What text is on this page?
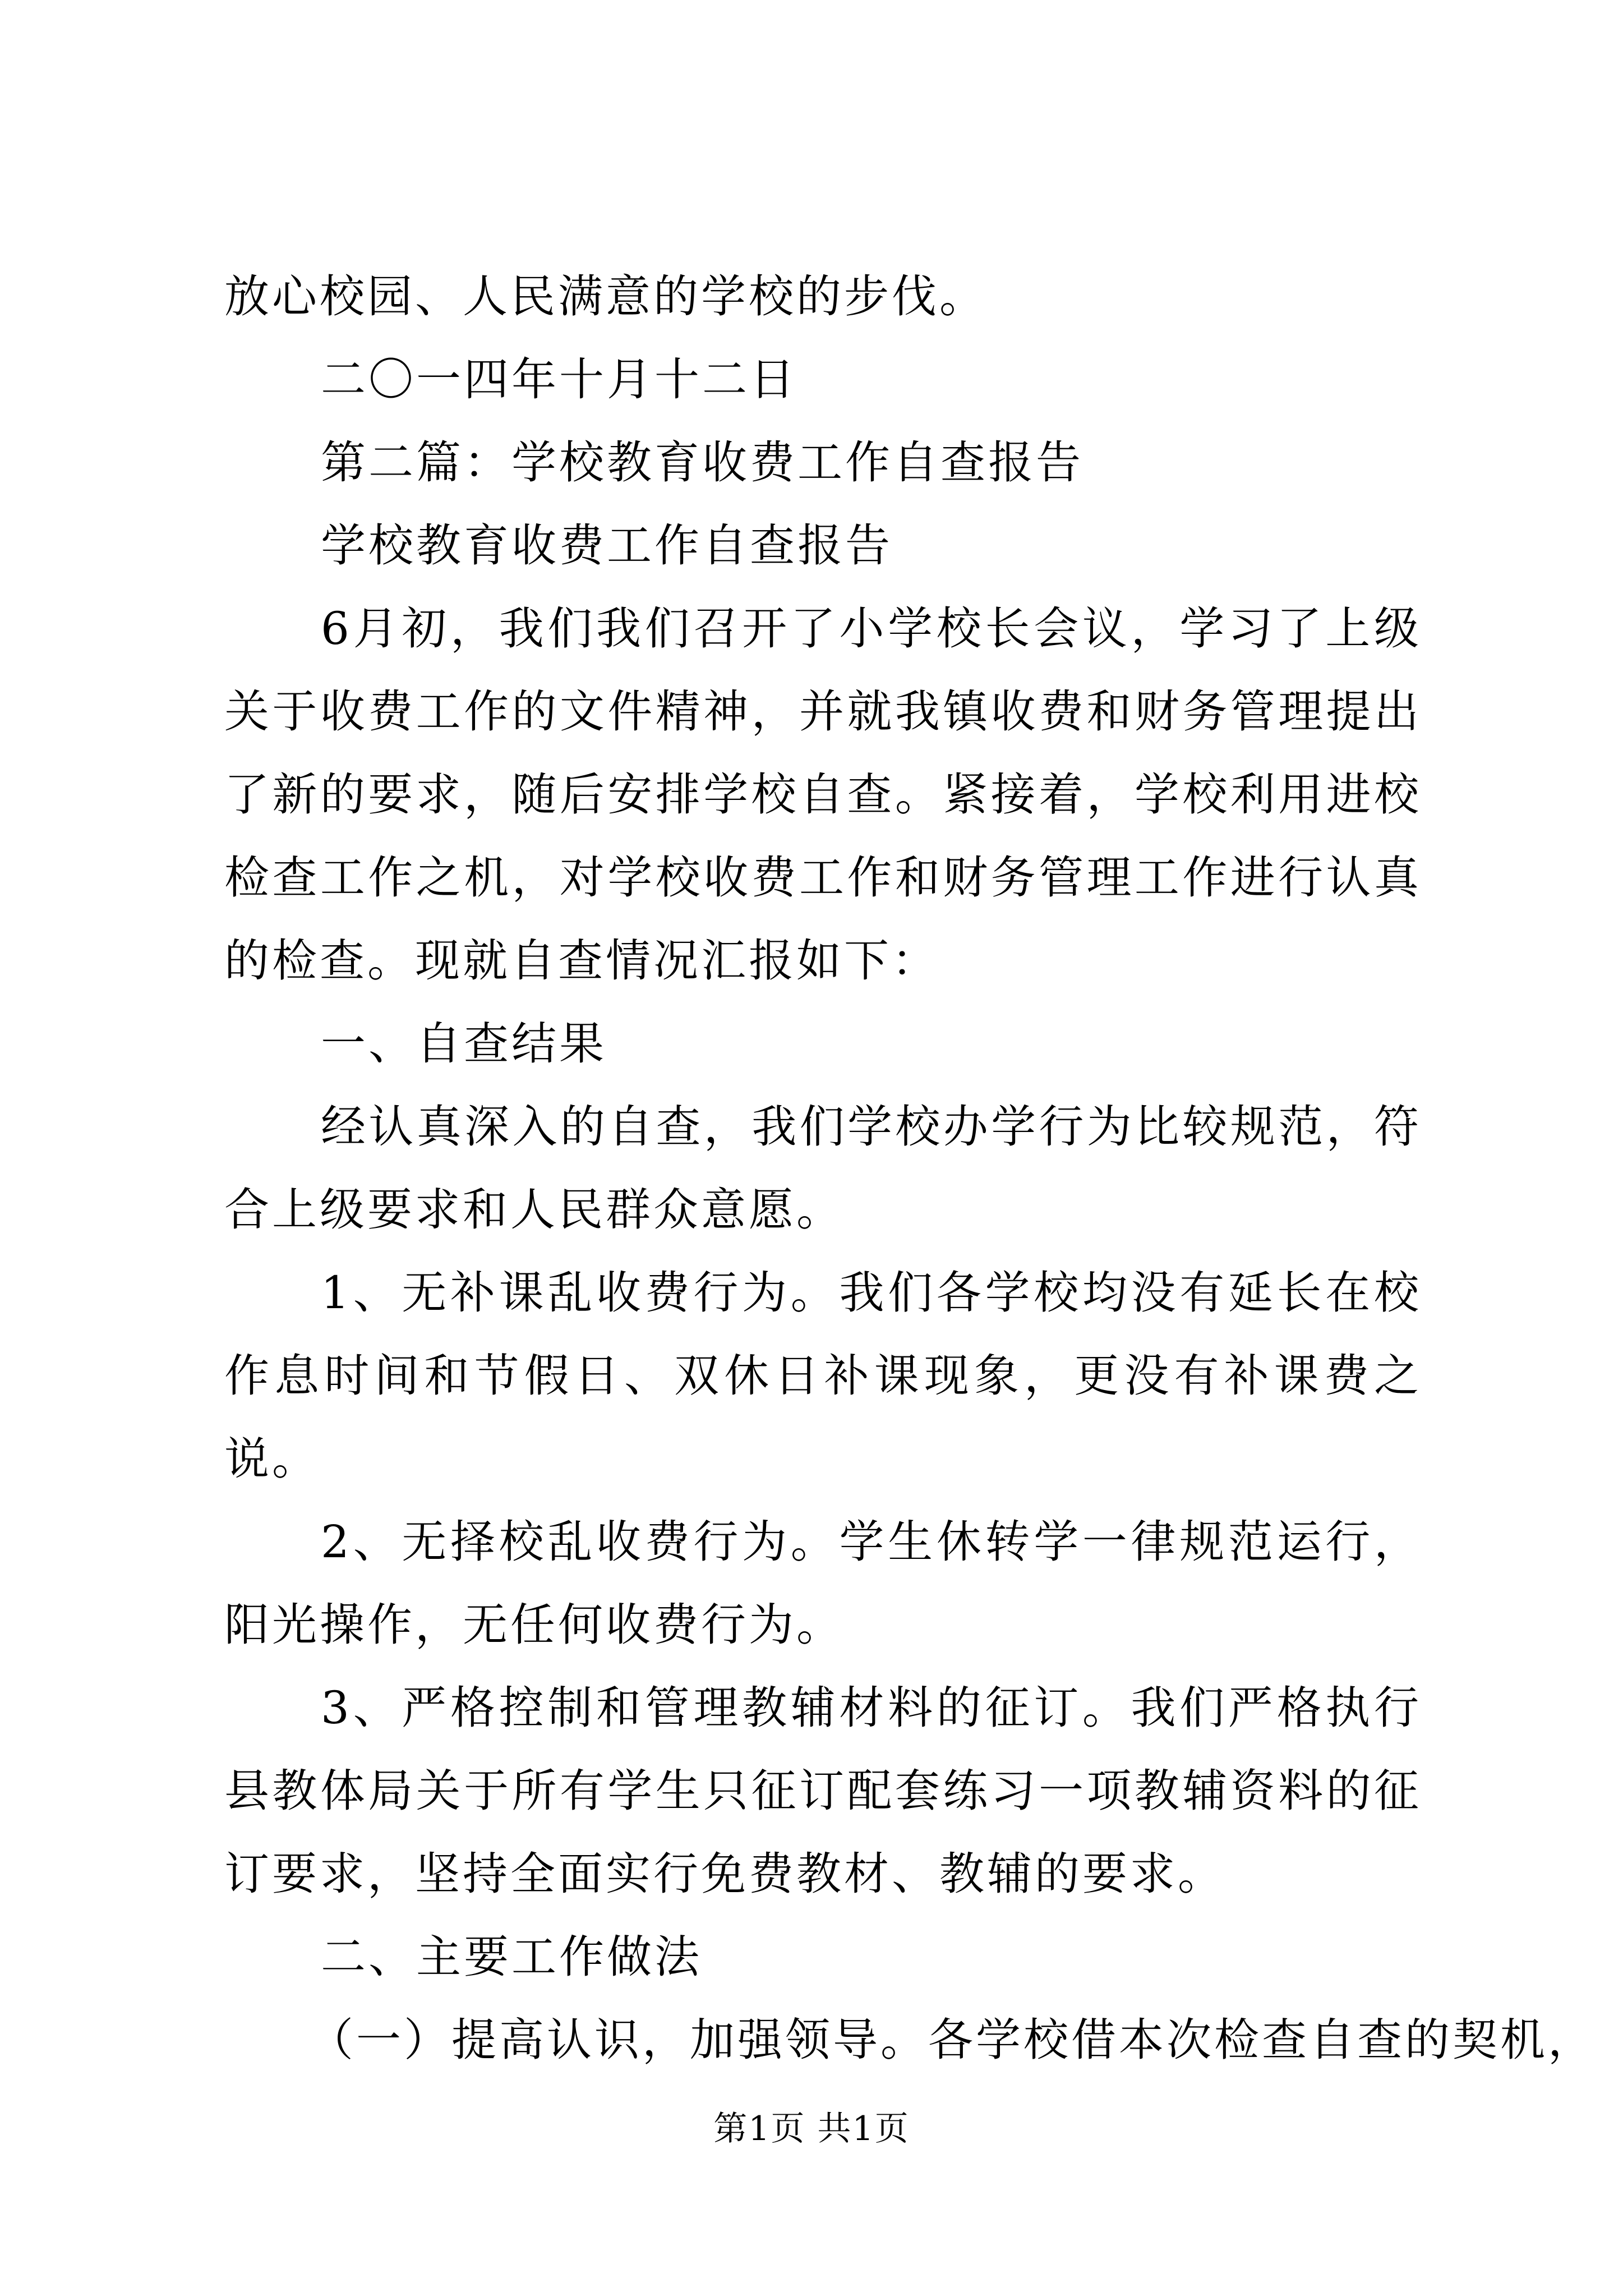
放心校园、人民满意的学校的步伐。

二〇一四年十月十二日

第二篇：学校教育收费工作自查报告

学校教育收费工作自查报告

6月初，我们我们召开了小学校长会议，学习了上级关于收费工作的文件精神，并就我镇收费和财务管理提出了新的要求，随后安排学校自查。紧接着，学校利用进校检查工作之机，对学校收费工作和财务管理工作进行认真的检查。现就自查情况汇报如下：

一、自查结果

经认真深入的自查，我们学校办学行为比较规范，符合上级要求和人民群众意愿。

1、无补课乱收费行为。我们各学校均没有延长在校作息时间和节假日、双休日补课现象，更没有补课费之说。

2、无择校乱收费行为。学生休转学一律规范运行，阳光操作，无任何收费行为。

3、严格控制和管理教辅材料的征订。我们严格执行县教体局关于所有学生只征订配套练习一项教辅资料的征订要求，坚持全面实行免费教材、教辅的要求。

二、主要工作做法

（一）提高认识，加强领导。各学校借本次检查自查的契机，

第1页 共1页
